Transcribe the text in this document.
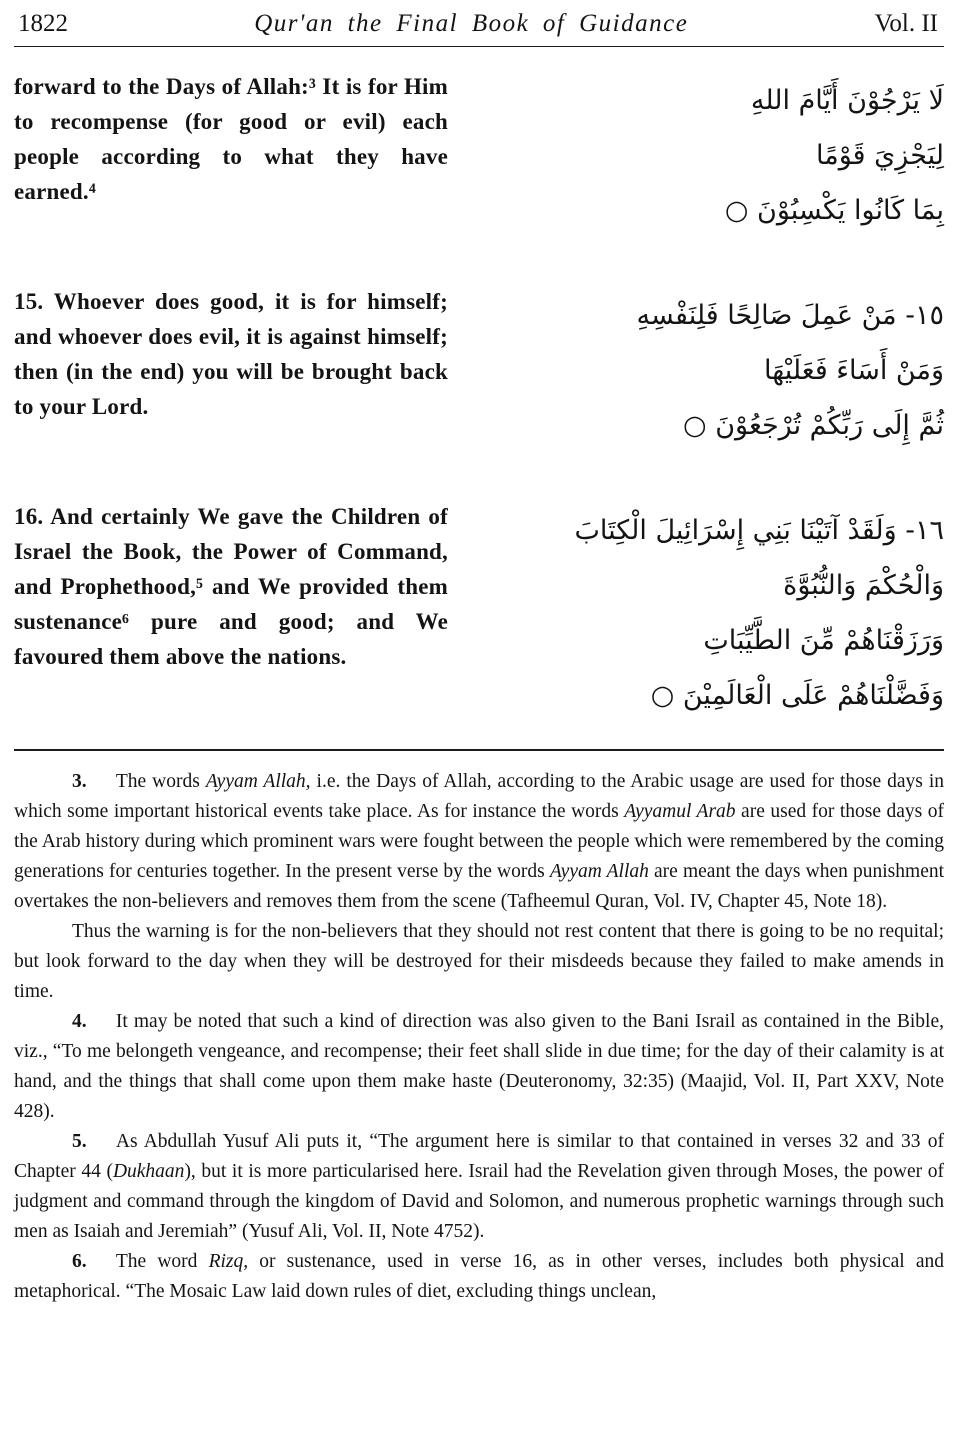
1822	Qur'an the Final Book of Guidance	Vol. II

forward to the Days of Allah:³ It is for Him to recompense (for good or evil) each people according to what they have earned.⁴

لَا يَرْجُوْنَ أَيَّامَ اللهِ
لِيَجْزِيَ قَوْمًا
بِمَا كَانُوا يَكْسِبُوْنَ ○

15. Whoever does good, it is for himself; and whoever does evil, it is against himself; then (in the end) you will be brought back to your Lord.

١٥- مَنْ عَمِلَ صَالِحًا فَلِنَفْسِهِ
وَمَنْ أَسَاءَ فَعَلَيْهَا
ثُمَّ إِلَى رَبِّكُمْ تُرْجَعُوْنَ ○

16. And certainly We gave the Children of Israel the Book, the Power of Command, and Prophethood,⁵ and We provided them sustenance⁶ pure and good; and We favoured them above the nations.

١٦- وَلَقَدْ آتَيْنَا بَنِي إِسْرَائِيلَ الْكِتَابَ
وَالْحُكْمَ وَالنُّبُوَّةَ
وَرَزَقْنَاهُمْ مِّنَ الطَّيِّبَاتِ
وَفَضَّلْنَاهُمْ عَلَى الْعَالَمِيْنَ ○

3.  The words Ayyam Allah, i.e. the Days of Allah, according to the Arabic usage are used for those days in which some important historical events take place. As for instance the words Ayyamul Arab are used for those days of the Arab history during which prominent wars were fought between the people which were remembered by the coming generations for centuries together. In the present verse by the words Ayyam Allah are meant the days when punishment overtakes the non-believers and removes them from the scene (Tafheemul Quran, Vol. IV, Chapter 45, Note 18).

Thus the warning is for the non-believers that they should not rest content that there is going to be no requital; but look forward to the day when they will be destroyed for their misdeeds because they failed to make amends in time.

4.  It may be noted that such a kind of direction was also given to the Bani Israil as contained in the Bible, viz., “To me belongeth vengeance, and recompense; their feet shall slide in due time; for the day of their calamity is at hand, and the things that shall come upon them make haste (Deuteronomy, 32:35) (Maajid, Vol. II, Part XXV, Note 428).

5.  As Abdullah Yusuf Ali puts it, “The argument here is similar to that contained in verses 32 and 33 of Chapter 44 (Dukhaan), but it is more particularised here. Israil had the Revelation given through Moses, the power of judgment and command through the kingdom of David and Solomon, and numerous prophetic warnings through such men as Isaiah and Jeremiah” (Yusuf Ali, Vol. II, Note 4752).

6.  The word Rizq, or sustenance, used in verse 16, as in other verses, includes both physical and metaphorical. “The Mosaic Law laid down rules of diet, excluding things unclean,
